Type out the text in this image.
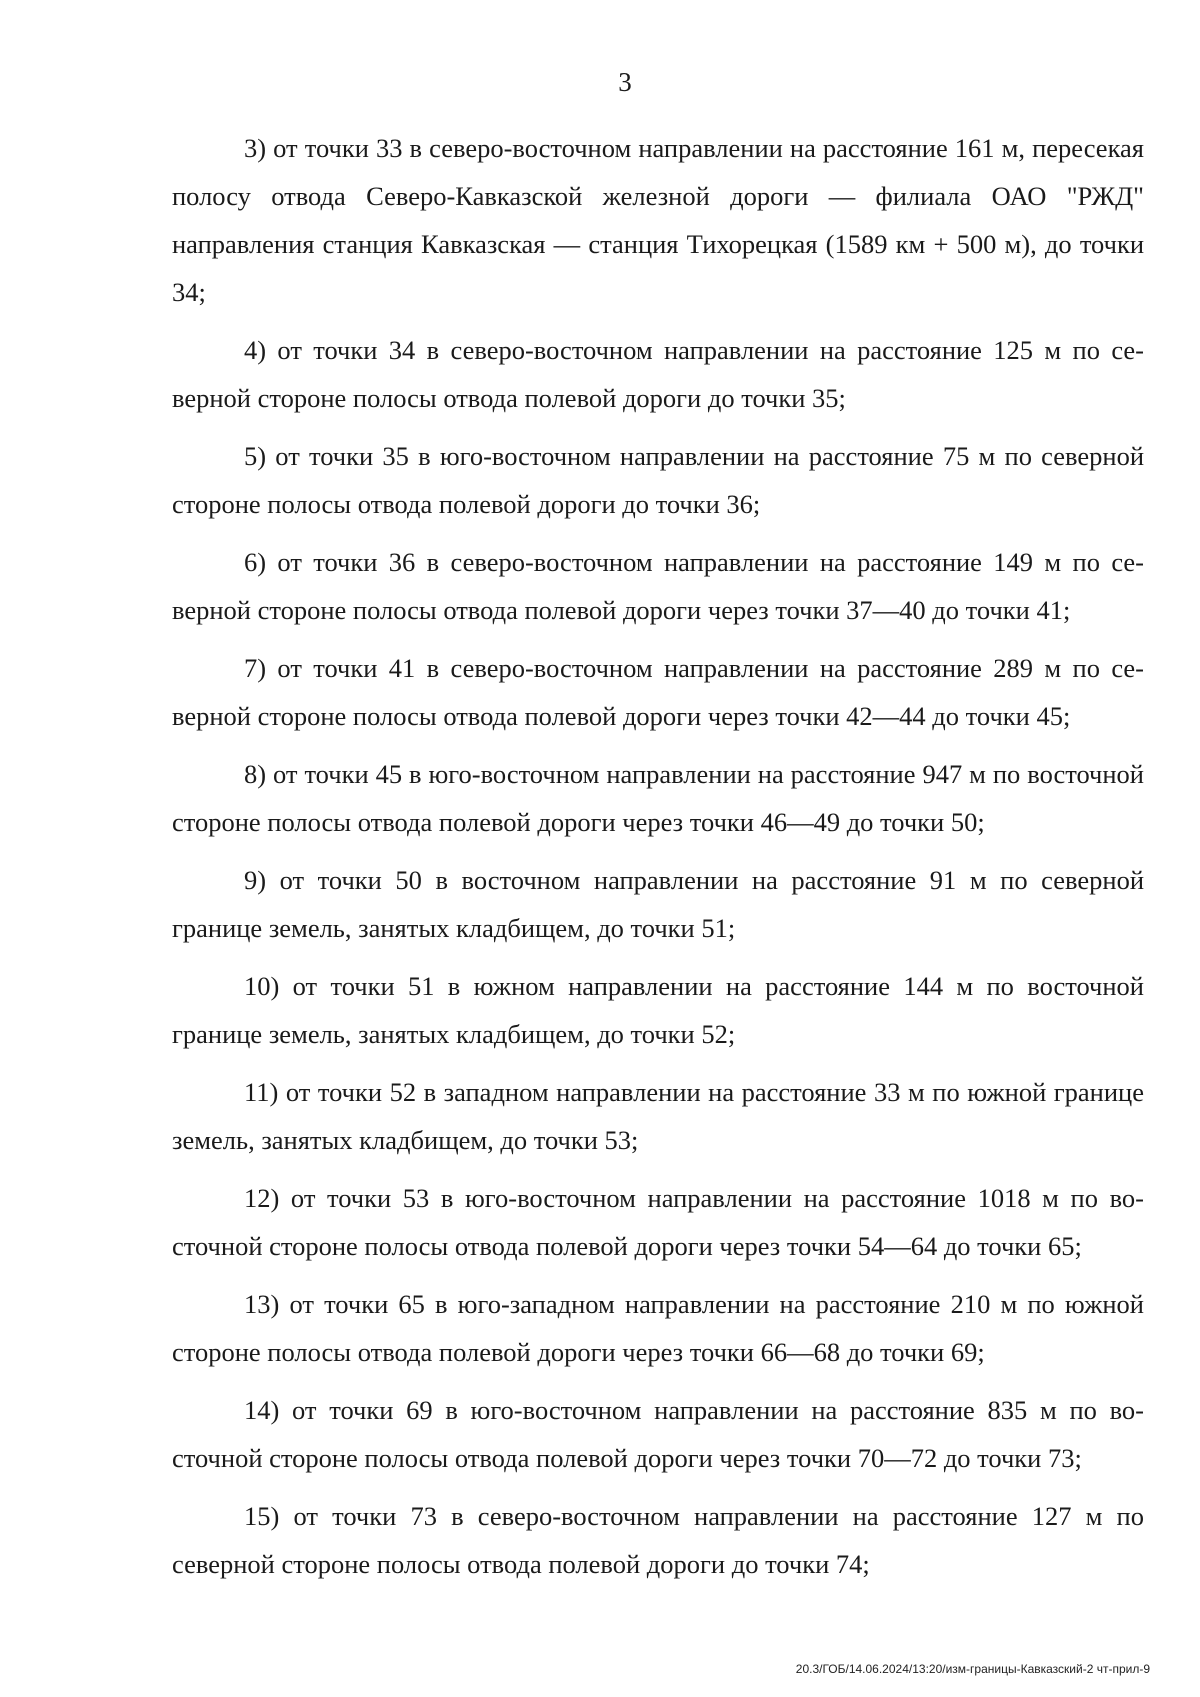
3

3) от точки 33 в северо-восточном направлении на расстояние 161 м, пересекая полосу отвода Северо-Кавказской железной дороги — филиала ОАО "РЖД" направления станция Кавказская — станция Тихорецкая (1589 км + 500 м), до точки 34;

4) от точки 34 в северо-восточном направлении на расстояние 125 м по северной стороне полосы отвода полевой дороги до точки 35;

5) от точки 35 в юго-восточном направлении на расстояние 75 м по северной стороне полосы отвода полевой дороги до точки 36;

6) от точки 36 в северо-восточном направлении на расстояние 149 м по северной стороне полосы отвода полевой дороги через точки 37—40 до точки 41;

7) от точки 41 в северо-восточном направлении на расстояние 289 м по северной стороне полосы отвода полевой дороги через точки 42—44 до точки 45;

8) от точки 45 в юго-восточном направлении на расстояние 947 м по восточной стороне полосы отвода полевой дороги через точки 46—49 до точки 50;

9) от точки 50 в восточном направлении на расстояние 91 м по северной границе земель, занятых кладбищем, до точки 51;

10) от точки 51 в южном направлении на расстояние 144 м по восточной границе земель, занятых кладбищем, до точки 52;

11) от точки 52 в западном направлении на расстояние 33 м по южной границе земель, занятых кладбищем, до точки 53;

12) от точки 53 в юго-восточном направлении на расстояние 1018 м по восточной стороне полосы отвода полевой дороги через точки 54—64 до точки 65;

13) от точки 65 в юго-западном направлении на расстояние 210 м по южной стороне полосы отвода полевой дороги через точки 66—68 до точки 69;

14) от точки 69 в юго-восточном направлении на расстояние 835 м по восточной стороне полосы отвода полевой дороги через точки 70—72 до точки 73;

15) от точки 73 в северо-восточном направлении на расстояние 127 м по северной стороне полосы отвода полевой дороги до точки 74;

20.3/ГОБ/14.06.2024/13:20/изм-границы-Кавказский-2 чт-прил-9
